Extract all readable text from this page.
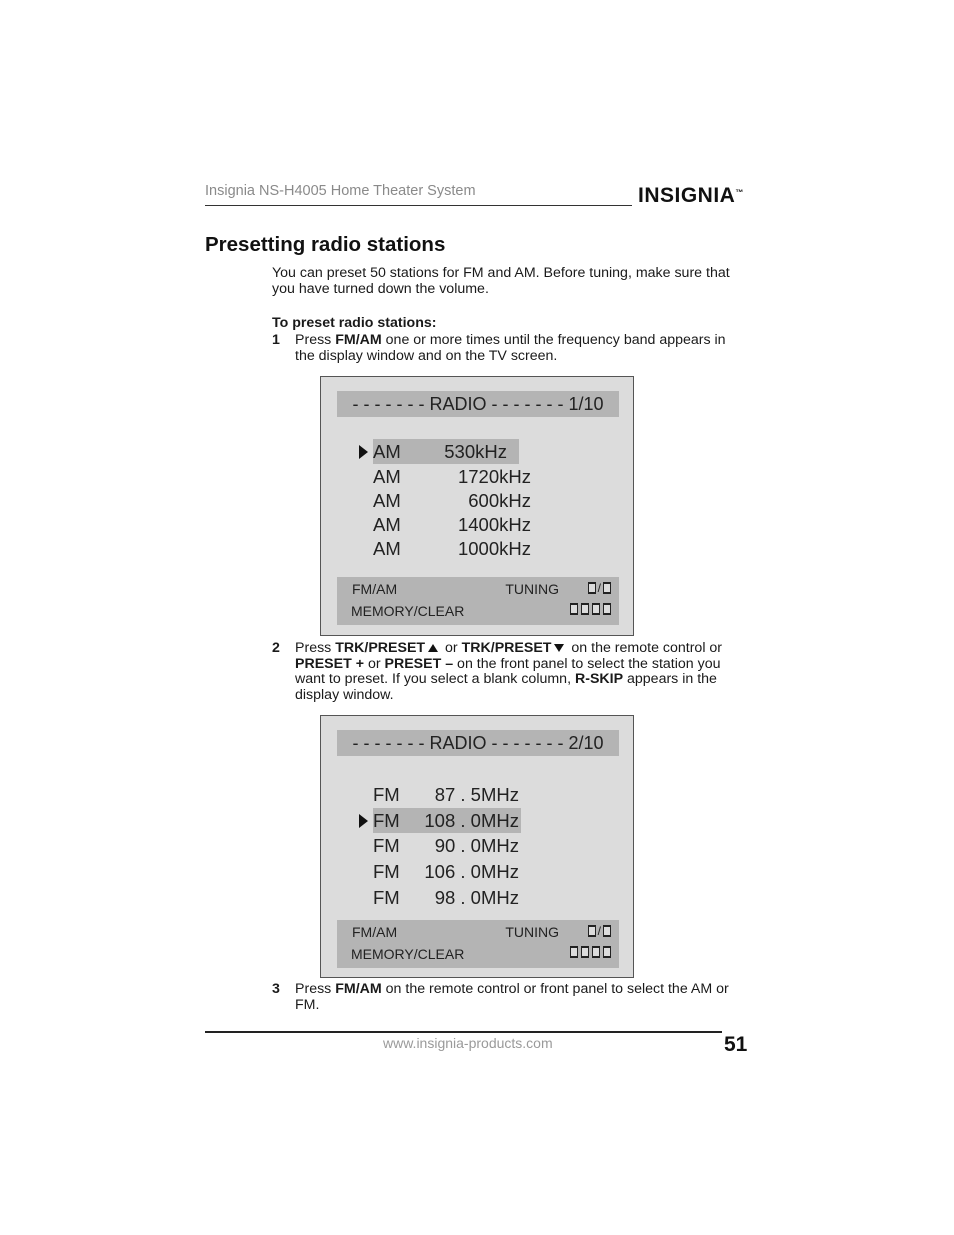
Insignia NS-H4005 Home Theater System	INSIGNIA™
Presetting radio stations
You can preset 50 stations for FM and AM. Before tuning, make sure that you have turned down the volume.
To preset radio stations:
1 Press FM/AM one or more times until the frequency band appears in the display window and on the TV screen.
- - - - - - - RADIO - - - - - - - 1/10
AM 530kHz
AM	1720kHz
AM	600kHz
AM	1400kHz
AM	1000kHz
FM/AM	TUNING	/
MEMORY/CLEAR
2 Press TRK/PRESET or TRK/PRESET on the remote control or PRESET + or PRESET – on the front panel to select the station you want to preset. If you select a blank column, R-SKIP appears in the display window.
- - - - - - - RADIO - - - - - - - 2/10
FM 87 . 5MHz
FM 108 . 0MHz
FM 90 . 0MHz
FM 106 . 0MHz
FM 98 . 0MHz
FM/AM	TUNING	/
MEMORY/CLEAR
3 Press FM/AM on the remote control or front panel to select the AM or FM.
www.insignia-products.com	51
